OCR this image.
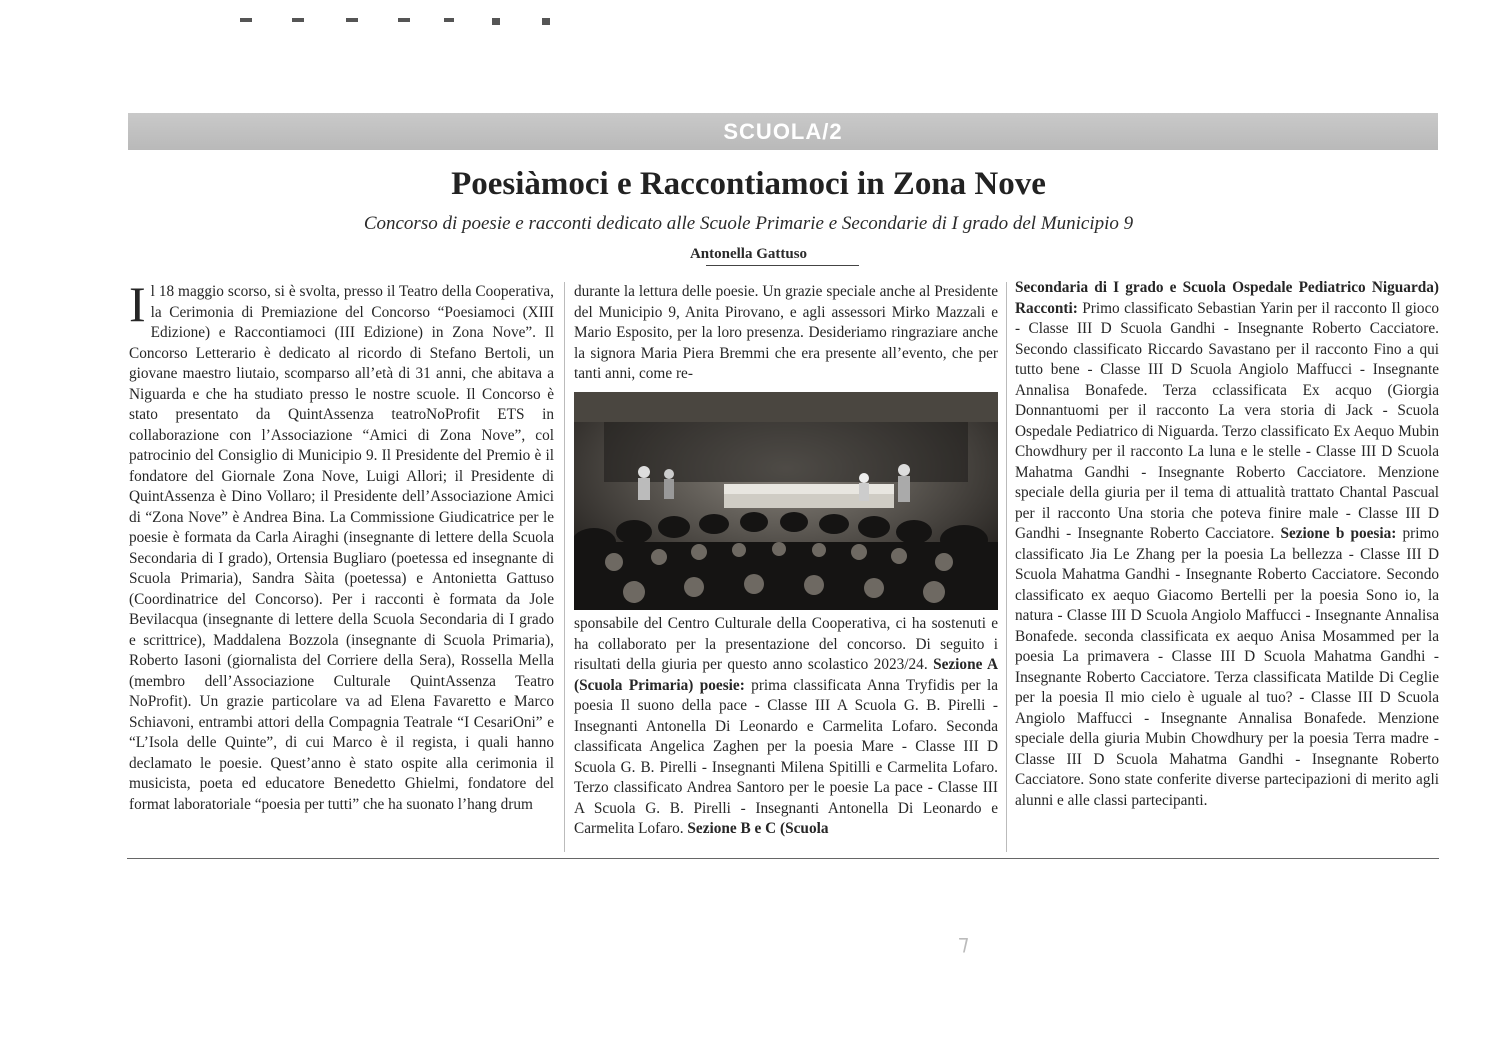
SCUOLA/2
Poesiàmoci e Raccontiamoci in Zona Nove
Concorso di poesie e racconti dedicato alle Scuole Primarie e Secondarie di I grado del Municipio 9
Antonella Gattuso

Il 18 maggio scorso, si è svolta, presso il Teatro della Cooperativa, la Cerimonia di Premiazione del Concorso “Poesiamoci (XIII Edizione) e Raccontiamoci (III Edizione) in Zona Nove”. Il Concorso Letterario è dedicato al ricordo di Stefano Bertoli, un giovane maestro liutaio, scomparso all’età di 31 anni, che abitava a Niguarda e che ha studiato presso le nostre scuole. Il Concorso è stato presentato da QuintAssenza teatroNoProfit ETS in collaborazione con l’Associazione “Amici di Zona Nove”, col patrocinio del Consiglio di Municipio 9. Il Presidente del Premio è il fondatore del Giornale Zona Nove, Luigi Allori; il Presidente di QuintAssenza è Dino Vollaro; il Presidente dell’Associazione Amici di “Zona Nove” è Andrea Bina. La Commissione Giudicatrice per le poesie è formata da Carla Airaghi (insegnante di lettere della Scuola Secondaria di I grado), Ortensia Bugliaro (poetessa ed insegnante di Scuola Primaria), Sandra Sàita (poetessa) e Antonietta Gattuso (Coordinatrice del Concorso). Per i racconti è formata da Jole Bevilacqua (insegnante di lettere della Scuola Secondaria di I grado e scrittrice), Maddalena Bozzola (insegnante di Scuola Primaria), Roberto Iasoni (giornalista del Corriere della Sera), Rossella Mella (membro dell’Associazione Culturale QuintAssenza Teatro NoProfit). Un grazie particolare va ad Elena Favaretto e Marco Schiavoni, entrambi attori della Compagnia Teatrale “I CesariOni” e “L’Isola delle Quinte”, di cui Marco è il regista, i quali hanno declamato le poesie. Quest’anno è stato ospite alla cerimonia il musicista, poeta ed educatore Benedetto Ghielmi, fondatore del format laboratoriale “poesia per tutti” che ha suonato l’hang drum

durante la lettura delle poesie. Un grazie speciale anche al Presidente del Municipio 9, Anita Pirovano, e agli assessori Mirko Mazzali e Mario Esposito, per la loro presenza. Desideriamo ringraziare anche la signora Maria Piera Bremmi che era presente all’evento, che per tanti anni, come re-

sponsabile del Centro Culturale della Cooperativa, ci ha sostenuti e ha collaborato per la presentazione del concorso. Di seguito i risultati della giuria per questo anno scolastico 2023/24. Sezione A (Scuola Primaria) poesie: prima classificata Anna Tryfidis per la poesia Il suono della pace - Classe III A Scuola G. B. Pirelli - Insegnanti Antonella Di Leonardo e Carmelita Lofaro. Seconda classificata Angelica Zaghen per la poesia Mare - Classe III D Scuola G. B. Pirelli - Insegnanti Milena Spitilli e Carmelita Lofaro. Terzo classificato Andrea Santoro per le poesie La pace - Classe III A Scuola G. B. Pirelli - Insegnanti Antonella Di Leonardo e Carmelita Lofaro. Sezione B e C (Scuola

Secondaria di I grado e Scuola Ospedale Pediatrico Niguarda) Racconti: Primo classificato Sebastian Yarin per il racconto Il gioco - Classe III D Scuola Gandhi - Insegnante Roberto Cacciatore. Secondo classificato Riccardo Savastano per il racconto Fino a qui tutto bene - Classe III D Scuola Angiolo Maffucci - Insegnante Annalisa Bonafede. Terza cclassificata Ex acquo (Giorgia Donnantuomi per il racconto La vera storia di Jack - Scuola Ospedale Pediatrico di Niguarda. Terzo classificato Ex Aequo Mubin Chowdhury per il racconto La luna e le stelle - Classe III D Scuola Mahatma Gandhi - Insegnante Roberto Cacciatore. Menzione speciale della giuria per il tema di attualità trattato Chantal Pascual per il racconto Una storia che poteva finire male - Classe III D Gandhi - Insegnante Roberto Cacciatore. Sezione b poesia: primo classificato Jia Le Zhang per la poesia La bellezza - Classe III D Scuola Mahatma Gandhi - Insegnante Roberto Cacciatore. Secondo classificato ex aequo Giacomo Bertelli per la poesia Sono io, la natura - Classe III D Scuola Angiolo Maffucci - Insegnante Annalisa Bonafede. seconda classificata ex aequo Anisa Mosammed per la poesia La primavera - Classe III D Scuola Mahatma Gandhi - Insegnante Roberto Cacciatore. Terza classificata Matilde Di Ceglie per la poesia Il mio cielo è uguale al tuo? - Classe III D Scuola Angiolo Maffucci - Insegnante Annalisa Bonafede. Menzione speciale della giuria Mubin Chowdhury per la poesia Terra madre - Classe III D Scuola Mahatma Gandhi - Insegnante Roberto Cacciatore. Sono state conferite diverse partecipazioni di merito agli alunni e alle classi partecipanti.

⁊
